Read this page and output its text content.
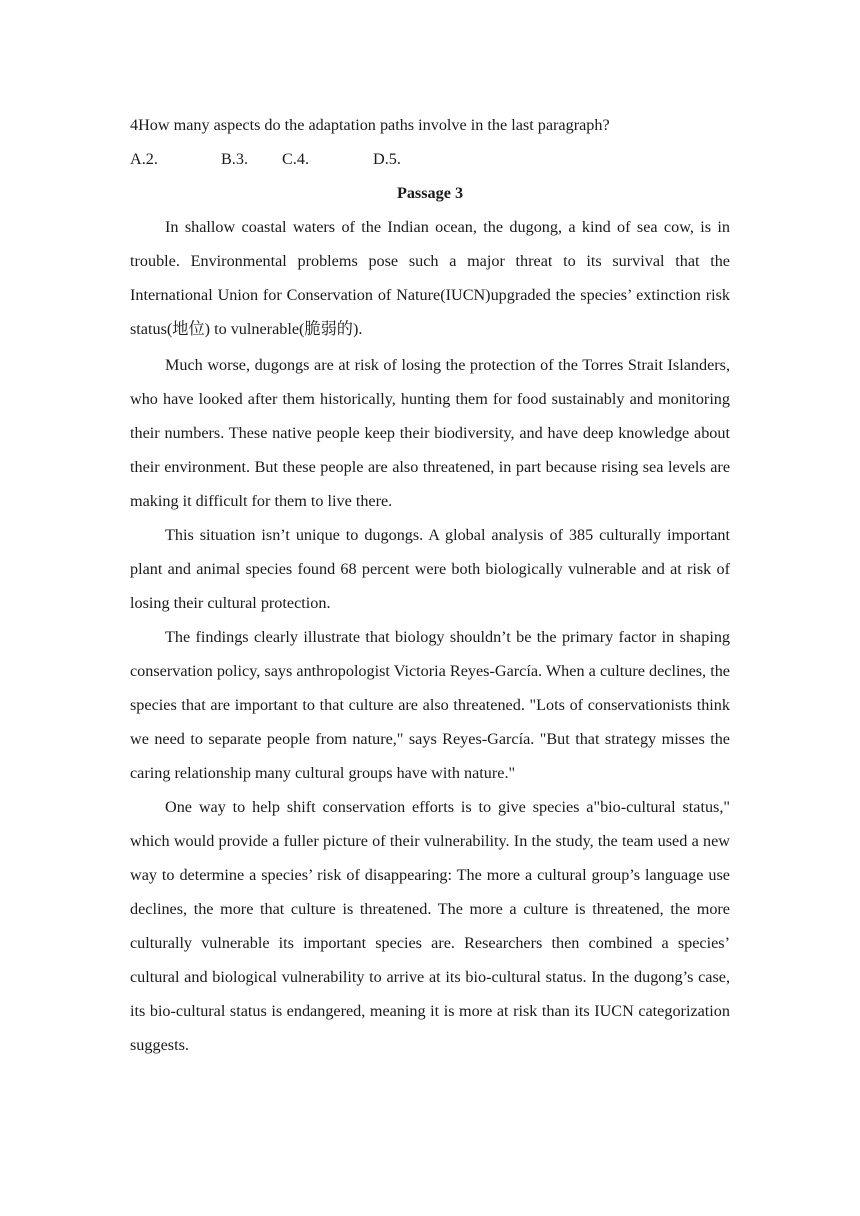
4How many aspects do the adaptation paths involve in the last paragraph?

A.2.	B.3. C.4.	D.5.

Passage 3

In shallow coastal waters of the Indian ocean, the dugong, a kind of sea cow, is in trouble. Environmental problems pose such a major threat to its survival that the International Union for Conservation of Nature(IUCN)upgraded the species’ extinction risk status(地位) to vulnerable(脆弱的).

Much worse, dugongs are at risk of losing the protection of the Torres Strait Islanders, who have looked after them historically, hunting them for food sustainably and monitoring their numbers. These native people keep their biodiversity, and have deep knowledge about their environment. But these people are also threatened, in part because rising sea levels are making it difficult for them to live there.

This situation isn’t unique to dugongs. A global analysis of 385 culturally important plant and animal species found 68 percent were both biologically vulnerable and at risk of losing their cultural protection.

The findings clearly illustrate that biology shouldn’t be the primary factor in shaping conservation policy, says anthropologist Victoria Reyes-García. When a culture declines, the species that are important to that culture are also threatened. "Lots of conservationists think we need to separate people from nature," says Reyes-García. "But that strategy misses the caring relationship many cultural groups have with nature."

One way to help shift conservation efforts is to give species a"bio-cultural status," which would provide a fuller picture of their vulnerability. In the study, the team used a new way to determine a species’ risk of disappearing: The more a cultural group’s language use declines, the more that culture is threatened. The more a culture is threatened, the more culturally vulnerable its important species are. Researchers then combined a species’ cultural and biological vulnerability to arrive at its bio-cultural status. In the dugong’s case, its bio-cultural status is endangered, meaning it is more at risk than its IUCN categorization suggests.
